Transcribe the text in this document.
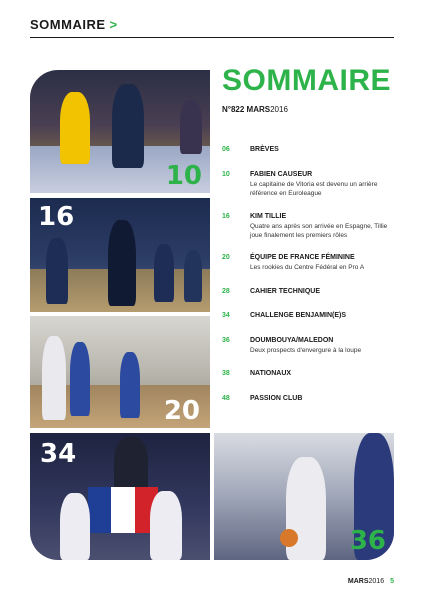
SOMMAIRE >
10
16
20
34
36
SOMMAIRE
N°822 MARS2016
06	BRÈVES
10	FABIEN CAUSEUR
Le capitaine de Vitoria est devenu un arrière référence en Euroleague
16	KIM TILLIE
Quatre ans après son arrivée en Espagne, Tillie joue finalement les premiers rôles
20	ÉQUIPE DE FRANCE FÉMININE
Les rookies du Centre Fédéral en Pro A
28	CAHIER TECHNIQUE
34	CHALLENGE BENJAMIN(E)S
36	DOUMBOUYA/MALEDON
Deux prospects d'envergure à la loupe
38	NATIONAUX
48	PASSION CLUB
MARS2016 5
